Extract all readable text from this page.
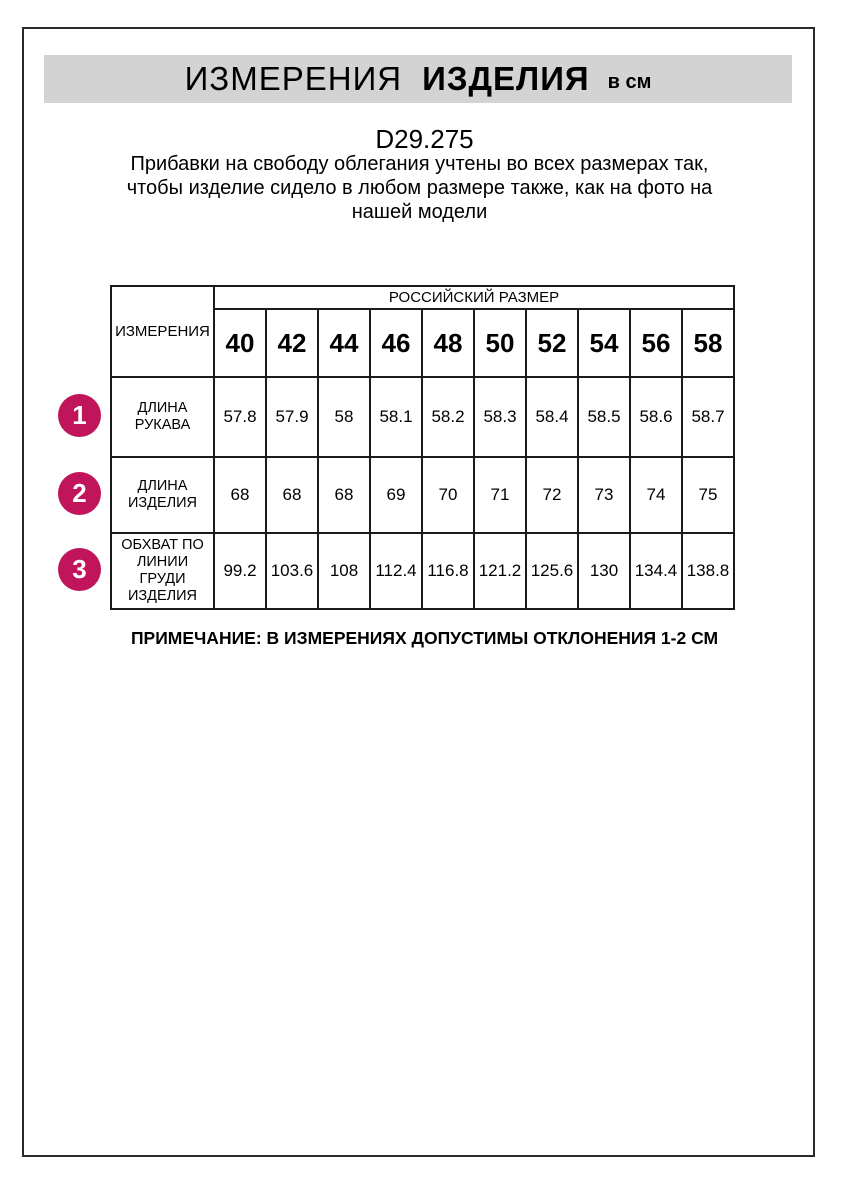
ИЗМЕРЕНИЯ ИЗДЕЛИЯ в см
D29.275
Прибавки на свободу облегания учтены во всех размерах так, чтобы изделие сидело в любом размере также, как на фото на нашей модели
ИЗМЕРЕНИЯ	РОССИЙСКИЙ РАЗМЕР									
	40	42	44	46	48	50	52	54	56	58
ДЛИНА РУКАВА	57.8	57.9	58	58.1	58.2	58.3	58.4	58.5	58.6	58.7
ДЛИНА ИЗДЕЛИЯ	68	68	68	69	70	71	72	73	74	75
ОБХВАТ ПО ЛИНИИ ГРУДИ ИЗДЕЛИЯ	99.2	103.6	108	112.4	116.8	121.2	125.6	130	134.4	138.8
1
2
3
ПРИМЕЧАНИЕ: В ИЗМЕРЕНИЯХ ДОПУСТИМЫ ОТКЛОНЕНИЯ 1-2 СМ
